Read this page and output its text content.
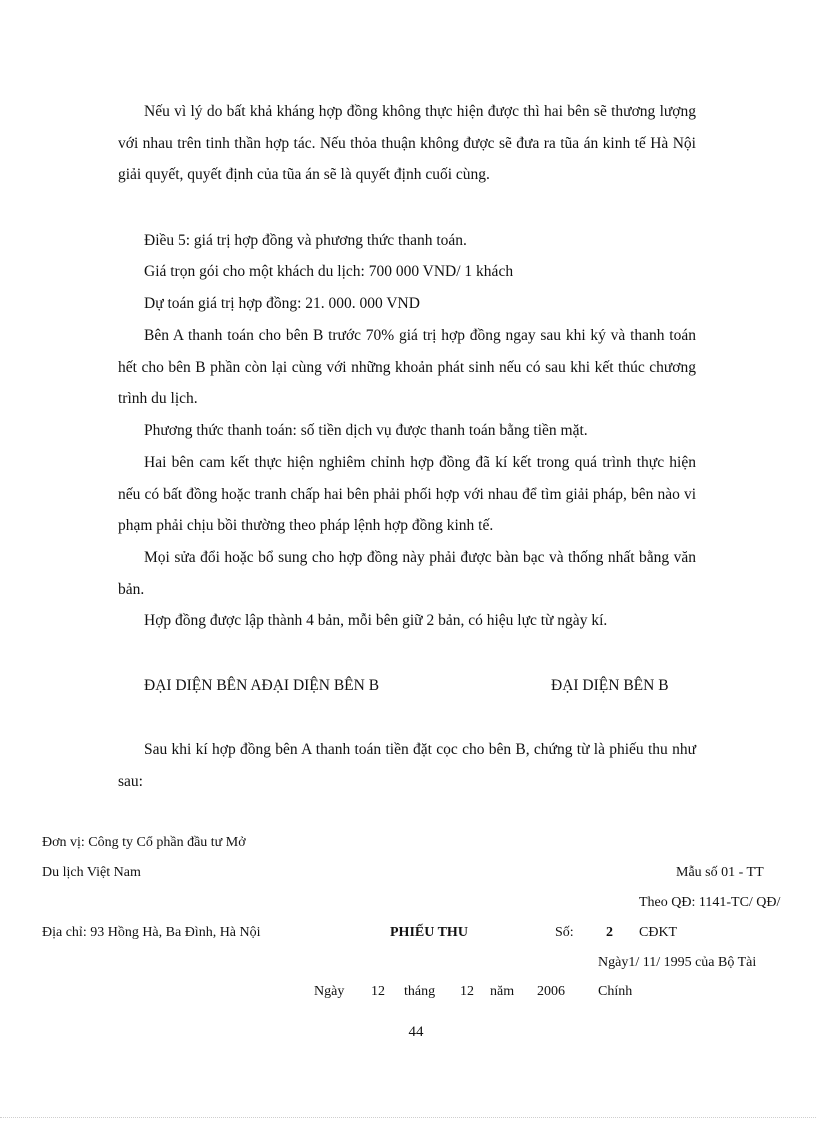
Nếu vì lý do bất khả kháng hợp đồng không thực hiện được thì hai bên sẽ thương lượng với nhau trên tinh thần hợp tác. Nếu thỏa thuận không được sẽ đưa ra tũa án kinh tế Hà Nội giải quyết, quyết định của tũa án sẽ là quyết định cuối cùng.

Điều 5: giá trị hợp đồng và phương thức thanh toán.

Giá trọn gói cho một khách du lịch: 700 000 VND/ 1 khách

Dự toán giá trị hợp đồng: 21. 000. 000 VND

Bên A thanh toán cho bên B trước 70% giá trị hợp đồng ngay sau khi ký và thanh toán hết cho bên B phần còn lại cùng với những khoản phát sinh nếu có sau khi kết thúc chương trình du lịch.

Phương thức thanh toán: số tiền dịch vụ được thanh toán bằng tiền mặt.

Hai bên cam kết thực hiện nghiêm chỉnh hợp đồng đã kí kết trong quá trình thực hiện nếu có bất đồng hoặc tranh chấp hai bên phải phối hợp với nhau để tìm giải pháp, bên nào vi phạm phải chịu bồi thường theo pháp lệnh hợp đồng kinh tế.

Mọi sửa đổi hoặc bổ sung cho hợp đồng này phải được bàn bạc và thống nhất bằng văn bản.

Hợp đồng được lập thành 4 bản, mỗi bên giữ 2 bản, có hiệu lực từ ngày kí.

ĐẠI DIỆN BÊN AĐẠI DIỆN BÊN B	ĐẠI DIỆN BÊN B

Sau khi kí hợp đồng bên A thanh toán tiền đặt cọc cho bên B, chứng từ là phiếu thu như sau:

Đơn vị: Công ty Cổ phần đầu tư Mở

Du lịch Việt Nam	Mẫu số 01 - TT

Theo QĐ: 1141-TC/ QĐ/

Địa chỉ: 93 Hồng Hà, Ba Đình, Hà Nội	PHIẾU THU	Số: 2 CĐKT

Ngày1/ 11/ 1995 của Bộ Tài

Ngày 12 tháng 12 năm 2006 Chính

44
